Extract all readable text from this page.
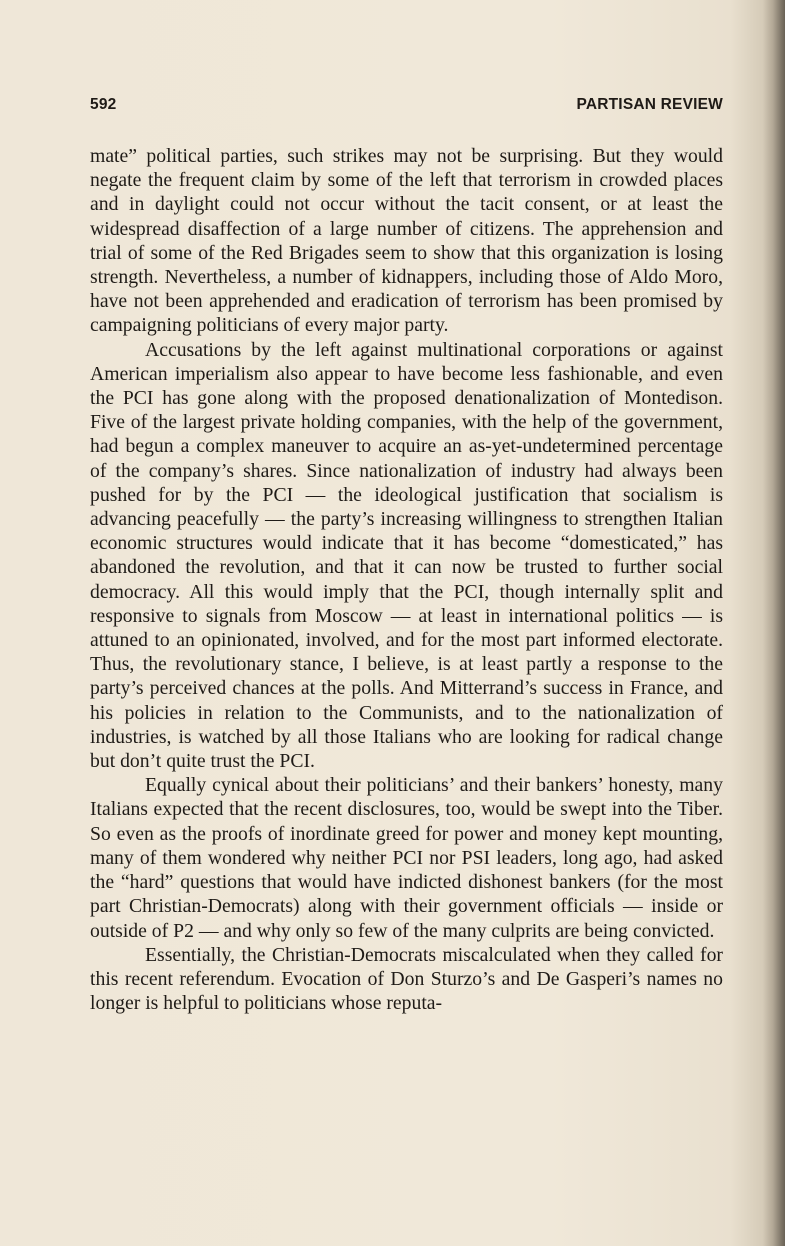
592	PARTISAN REVIEW

mate” political parties, such strikes may not be surprising. But they would negate the frequent claim by some of the left that terrorism in crowded places and in daylight could not occur without the tacit consent, or at least the widespread disaffection of a large number of citizens. The apprehension and trial of some of the Red Brigades seem to show that this organization is losing strength. Nevertheless, a number of kidnappers, including those of Aldo Moro, have not been apprehended and eradication of terrorism has been promised by campaigning politicians of every major party.

Accusations by the left against multinational corporations or against American imperialism also appear to have become less fashionable, and even the PCI has gone along with the proposed denationalization of Montedison. Five of the largest private holding companies, with the help of the government, had begun a complex maneuver to acquire an as-yet-undetermined percentage of the company’s shares. Since nationalization of industry had always been pushed for by the PCI — the ideological justification that socialism is advancing peacefully — the party’s increasing willingness to strengthen Italian economic structures would indicate that it has become “domesticated,” has abandoned the revolution, and that it can now be trusted to further social democracy. All this would imply that the PCI, though internally split and responsive to signals from Moscow — at least in international politics — is attuned to an opinionated, involved, and for the most part informed electorate. Thus, the revolutionary stance, I believe, is at least partly a response to the party’s perceived chances at the polls. And Mitterrand’s success in France, and his policies in relation to the Communists, and to the nationalization of industries, is watched by all those Italians who are looking for radical change but don’t quite trust the PCI.

Equally cynical about their politicians’ and their bankers’ honesty, many Italians expected that the recent disclosures, too, would be swept into the Tiber. So even as the proofs of inordinate greed for power and money kept mounting, many of them wondered why neither PCI nor PSI leaders, long ago, had asked the “hard” questions that would have indicted dishonest bankers (for the most part Christian-Democrats) along with their government officials — inside or outside of P2 — and why only so few of the many culprits are being convicted.

Essentially, the Christian-Democrats miscalculated when they called for this recent referendum. Evocation of Don Sturzo’s and De Gasperi’s names no longer is helpful to politicians whose reputa-
